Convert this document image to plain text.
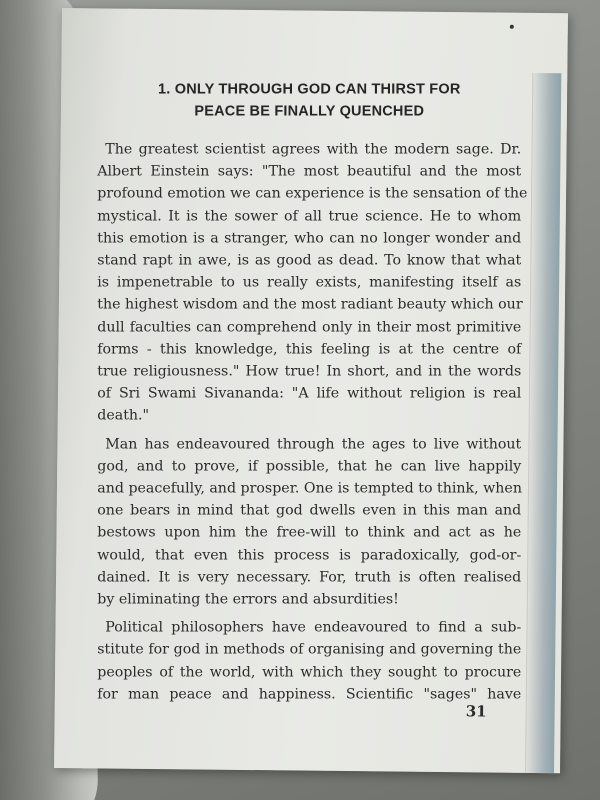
1. ONLY THROUGH GOD CAN THIRST FOR
PEACE BE FINALLY QUENCHED

The greatest scientist agrees with the modern sage. Dr.
Albert Einstein says: "The most beautiful and the most
profound emotion we can experience is the sensation of the
mystical. It is the sower of all true science. He to whom
this emotion is a stranger, who can no longer wonder and
stand rapt in awe, is as good as dead. To know that what
is impenetrable to us really exists, manifesting itself as
the highest wisdom and the most radiant beauty which our
dull faculties can comprehend only in their most primitive
forms - this knowledge, this feeling is at the centre of
true religiousness." How true! In short, and in the words
of Sri Swami Sivananda: "A life without religion is real
death."

Man has endeavoured through the ages to live without
god, and to prove, if possible, that he can live happily
and peacefully, and prosper. One is tempted to think, when
one bears in mind that god dwells even in this man and
bestows upon him the free-will to think and act as he
would, that even this process is paradoxically, god-or-
dained. It is very necessary. For, truth is often realised
by eliminating the errors and absurdities!

Political philosophers have endeavoured to find a sub-
stitute for god in methods of organising and governing the
peoples of the world, with which they sought to procure
for man peace and happiness. Scientific "sages" have

31
